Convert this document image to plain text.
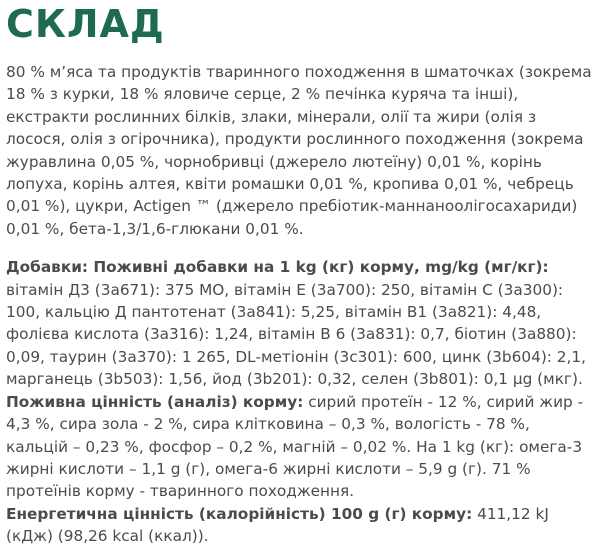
СКЛАД

80 % м’яса та продуктів тваринного походження в шматочках (зокрема 18 % з курки, 18 % яловиче серце, 2 % печінка куряча та інші), екстракти рослинних білків, злаки, мінерали, олії та жири (олія з лосося, олія з огірочника), продукти рослинного походження (зокрема журавлина 0,05 %, чорнобривці (джерело лютеїну) 0,01 %, корінь лопуха, корінь алтея, квіти ромашки 0,01 %, кропива 0,01 %, чебрець 0,01 %), цукри, Actigen ™ (джерело пребіотик-маннаноолігосахариди) 0,01 %, бета-1,3/1,6-глюкани 0,01 %.

Добавки: Поживні добавки на 1 kg (кг) корму, mg/kg (мг/кг): вітамін Д3 (3a671): 375 МО, вітамін Е (3a700): 250, вітамін С (3a300): 100, кальцію Д пантотенат (3a841): 5,25, вітамін В1 (3a821): 4,48, фолієва кислота (3a316): 1,24, вітамін В 6 (3a831): 0,7, біотин (3a880): 0,09, таурин (3a370): 1 265, DL-метіонін (3c301): 600, цинк (3b604): 2,1, марганець (3b503): 1,56, йод (3b201): 0,32, селен (3b801): 0,1 µg (мкг).

Поживна цінність (аналіз) корму: сирий протеїн - 12 %, сирий жир - 4,3 %, сира зола - 2 %, сира клітковина – 0,3 %, вологість - 78 %, кальцій – 0,23 %, фосфор – 0,2 %, магній – 0,02 %. На 1 kg (кг): омега-3 жирні кислоти – 1,1 g (г), омега-6 жирні кислоти – 5,9 g (г). 71 % протеїнів корму - тваринного походження.

Енергетична цінність (калорійність) 100 g (г) корму: 411,12 kJ (кДж) (98,26 kcal (ккал)).
